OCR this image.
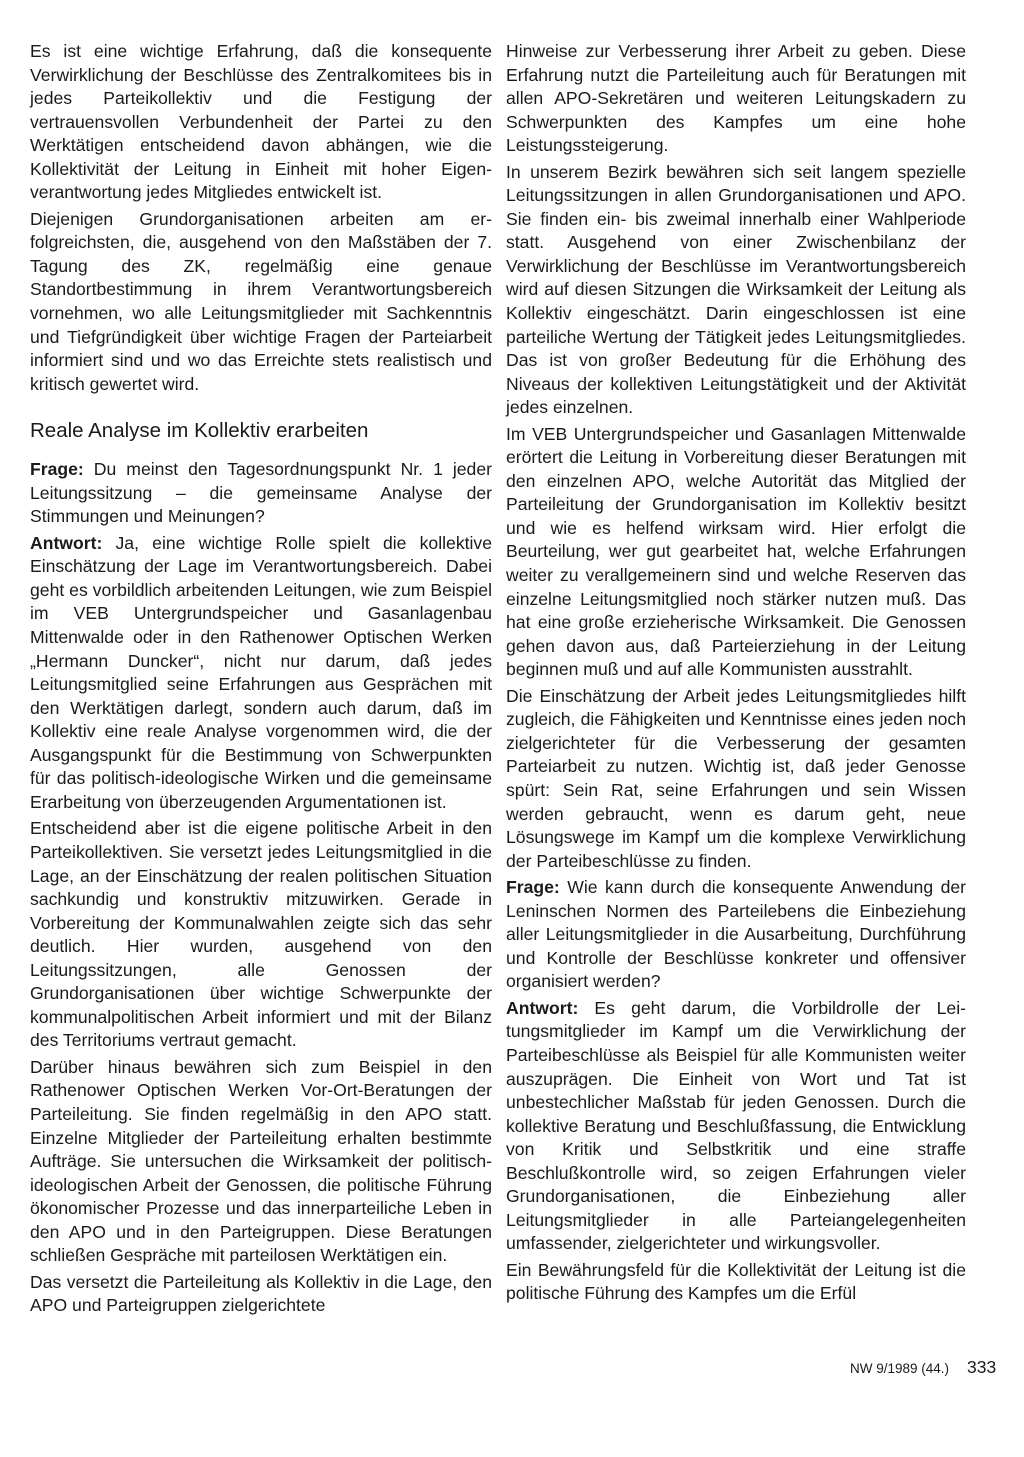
Es ist eine wichtige Erfahrung, daß die konsequente Verwirklichung der Beschlüsse des Zentralkomitees bis in jedes Parteikollektiv und die Festigung der vertrauensvollen Verbundenheit der Partei zu den Werktätigen entscheidend davon abhängen, wie die Kollektivität der Leitung in Einheit mit hoher Eigenverantwortung jedes Mitgliedes entwickelt ist.

Diejenigen Grundorganisationen arbeiten am erfolgreichsten, die, ausgehend von den Maßstäben der 7. Tagung des ZK, regelmäßig eine genaue Standortbestimmung in ihrem Verantwortungsbereich vornehmen, wo alle Leitungsmitglieder mit Sachkenntnis und Tiefgründigkeit über wichtige Fragen der Parteiarbeit informiert sind und wo das Erreichte stets realistisch und kritisch gewertet wird.

Reale Analyse im Kollektiv erarbeiten

Frage: Du meinst den Tagesordnungspunkt Nr. 1 jeder Leitungssitzung – die gemeinsame Analyse der Stimmungen und Meinungen?

Antwort: Ja, eine wichtige Rolle spielt die kollektive Einschätzung der Lage im Verantwortungsbereich. Dabei geht es vorbildlich arbeitenden Leitungen, wie zum Beispiel im VEB Untergrundspeicher und Gasanlagenbau Mittenwalde oder in den Rathenower Optischen Werken „Hermann Duncker“, nicht nur darum, daß jedes Leitungsmitglied seine Erfahrungen aus Gesprächen mit den Werktätigen darlegt, sondern auch darum, daß im Kollektiv eine reale Analyse vorgenommen wird, die der Ausgangspunkt für die Bestimmung von Schwerpunkten für das politisch-ideologische Wirken und die gemeinsame Erarbeitung von überzeugenden Argumentationen ist.

Entscheidend aber ist die eigene politische Arbeit in den Parteikollektiven. Sie versetzt jedes Leitungsmitglied in die Lage, an der Einschätzung der realen politischen Situation sachkundig und konstruktiv mitzuwirken. Gerade in Vorbereitung der Kommunalwahlen zeigte sich das sehr deutlich. Hier wurden, ausgehend von den Leitungssitzungen, alle Genossen der Grundorganisationen über wichtige Schwerpunkte der kommunalpolitischen Arbeit informiert und mit der Bilanz des Territoriums vertraut gemacht.

Darüber hinaus bewähren sich zum Beispiel in den Rathenower Optischen Werken Vor-Ort-Beratungen der Parteileitung. Sie finden regelmäßig in den APO statt. Einzelne Mitglieder der Parteileitung erhalten bestimmte Aufträge. Sie untersuchen die Wirksamkeit der politisch-ideologischen Arbeit der Genossen, die politische Führung ökonomischer Prozesse und das innerparteiliche Leben in den APO und in den Parteigruppen. Diese Beratungen schließen Gespräche mit parteilosen Werktätigen ein.

Das versetzt die Parteileitung als Kollektiv in die Lage, den APO und Parteigruppen zielgerichtete

Hinweise zur Verbesserung ihrer Arbeit zu geben. Diese Erfahrung nutzt die Parteileitung auch für Beratungen mit allen APO-Sekretären und weiteren Leitungskadern zu Schwerpunkten des Kampfes um eine hohe Leistungssteigerung.

In unserem Bezirk bewähren sich seit langem spezielle Leitungssitzungen in allen Grundorganisationen und APO. Sie finden ein- bis zweimal innerhalb einer Wahlperiode statt. Ausgehend von einer Zwischenbilanz der Verwirklichung der Beschlüsse im Verantwortungsbereich wird auf diesen Sitzungen die Wirksamkeit der Leitung als Kollektiv eingeschätzt. Darin eingeschlossen ist eine parteiliche Wertung der Tätigkeit jedes Leitungsmitgliedes. Das ist von großer Bedeutung für die Erhöhung des Niveaus der kollektiven Leitungstätigkeit und der Aktivität jedes einzelnen.

Im VEB Untergrundspeicher und Gasanlagen Mittenwalde erörtert die Leitung in Vorbereitung dieser Beratungen mit den einzelnen APO, welche Autorität das Mitglied der Parteileitung der Grundorganisation im Kollektiv besitzt und wie es helfend wirksam wird. Hier erfolgt die Beurteilung, wer gut gearbeitet hat, welche Erfahrungen weiter zu verallgemeinern sind und welche Reserven das einzelne Leitungsmitglied noch stärker nutzen muß. Das hat eine große erzieherische Wirksamkeit. Die Genossen gehen davon aus, daß Parteierziehung in der Leitung beginnen muß und auf alle Kommunisten ausstrahlt.

Die Einschätzung der Arbeit jedes Leitungsmitgliedes hilft zugleich, die Fähigkeiten und Kenntnisse eines jeden noch zielgerichteter für die Verbesserung der gesamten Parteiarbeit zu nutzen. Wichtig ist, daß jeder Genosse spürt: Sein Rat, seine Erfahrungen und sein Wissen werden gebraucht, wenn es darum geht, neue Lösungswege im Kampf um die komplexe Verwirklichung der Parteibeschlüsse zu finden.

Frage: Wie kann durch die konsequente Anwendung der Leninschen Normen des Parteilebens die Einbeziehung aller Leitungsmitglieder in die Ausarbeitung, Durchführung und Kontrolle der Beschlüsse konkreter und offensiver organisiert werden?

Antwort: Es geht darum, die Vorbildrolle der Leitungsmitglieder im Kampf um die Verwirklichung der Parteibeschlüsse als Beispiel für alle Kommunisten weiter auszuprägen. Die Einheit von Wort und Tat ist unbestechlicher Maßstab für jeden Genossen. Durch die kollektive Beratung und Beschlußfassung, die Entwicklung von Kritik und Selbstkritik und eine straffe Beschlußkontrolle wird, so zeigen Erfahrungen vieler Grundorganisationen, die Einbeziehung aller Leitungsmitglieder in alle Parteiangelegenheiten umfassender, zielgerichteter und wirkungsvoller.

Ein Bewährungsfeld für die Kollektivität der Leitung ist die politische Führung des Kampfes um die Erfül

NW 9/1989 (44.) 333
